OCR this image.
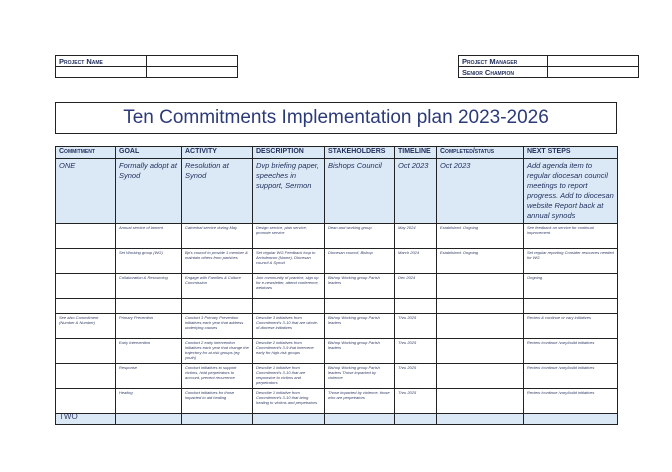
Project Name	
		Project Manager	
Senior Champion	
Ten Commitments Implementation plan 2023-2026
Commitment	GOAL	ACTIVITY	DESCRIPTION	STAKEHOLDERS	TIMELINE	Completed/status	NEXT STEPS
ONE	Formally adopt at Synod	Resolution at Synod	Dvp briefing paper, speeches in support, Sermon	Bishops Council	Oct 2023	Oct 2023	Add agenda item to regular diocesan council meetings to report progress. Add to diocesan website Report back at annual synods
	Annual service of lament	Cathedral service during May	Design service, plan service, promote service	Dean and working group	May 2024	Established. Ongoing	See feedback on service for continual improvement
	Set Working group (WG)	Bp's council to provide 1 member & maintain others from parishes	Set regular WG Feedback loop to Archdeacon (Name), Diocesan council & Synod	Diocesan council, Bishop	March 2024	Established. Ongoing	Set regular reporting Consider resources needed for WG
	Collaboration & Resourcing	Engage with Families & Culture Commission	Join community of practice, sign up for e-newsletter, attend conference, webinars	Bishop Working group Parish leaders	Dec 2024		Ongoing

See also Commitment (Number & Number)	Primary Prevention	Conduct 3 Primary Prevention initiatives each year that address underlying causes	Describe 3 initiatives from Commitment's 3-10 that are whole-of-diocese initiatives	Bishop Working group Parish leaders	Thru 2025		Review & continue or vary initiatives
	Early Intervention	Conduct 2 early intervention initiatives each year that change the trajectory for at-risk groups (eg youth)	Describe 2 initiatives from Commitment's 3-9 that intervene early for high-risk groups	Bishop Working group Parish leaders	Thru 2025		Review /continue /vary/build initiatives
	Response	Conduct initiatives to support victims, hold perpetrators to account, prevent recurrence	Describe 1 initiative from Commitment's 3-10 that are responsive to victims and perpetrators	Bishop Working group Parish leaders Those impacted by violence	Thru 2025		Review /continue /vary/build initiatives
	Healing	Conduct initiatives for those impacted to aid healing	Describe 1 initiative from Commitment's 3-10 that bring healing to victims and perpetrators	Those impacted by violence, those who are perpetrators	Thru 2025		Review /continue /vary/build initiatives
TWO							
